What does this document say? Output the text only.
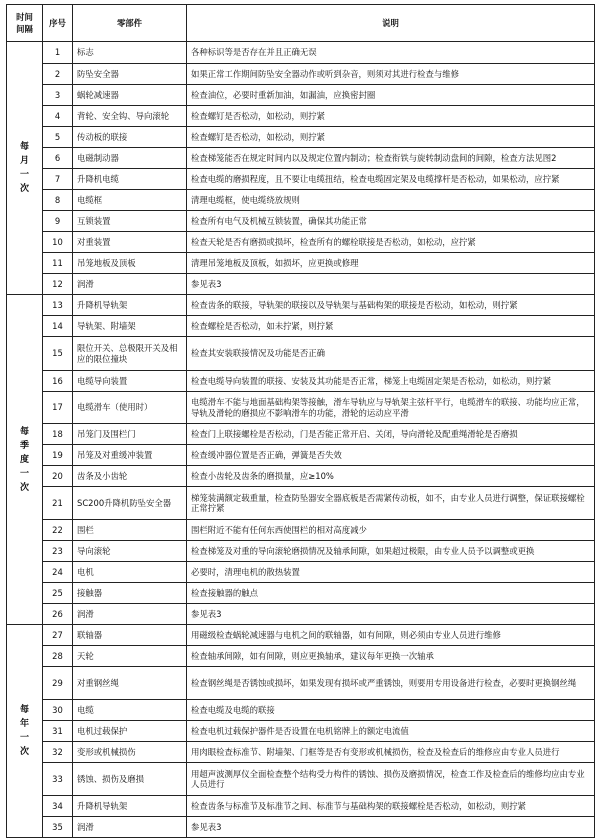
时间间隔	序号	零部件	说明

每月一次	1	标志	各种标识等是否存在并且正确无误
	2	防坠安全器	如果正常工作期间防坠安全器动作或听到杂音，则须对其进行检查与维修
	3	蜗轮减速器	检查油位，必要时重新加油，如漏油，应换密封圈
	4	背轮、安全钩、导向滚轮	检查螺钉是否松动，如松动，则拧紧
	5	传动板的联接	检查螺钉是否松动，如松动，则拧紧
	6	电磁制动器	检查梯笼能否在规定时间内以及规定位置内制动；检查衔铁与旋转制动盘间的间隙，检查方法见图2
	7	升降机电缆	检查电缆的磨损程度，且不要让电缆扭结，检查电缆固定架及电缆撑杆是否松动，如果松动，应拧紧
	8	电缆框	清理电缆框，使电缆绕放规则
	9	互锁装置	检查所有电气及机械互锁装置，确保其功能正常
	10	对重装置	检查天轮是否有磨损或损坏，检查所有的螺栓联接是否松动，如松动，应拧紧
	11	吊笼地板及顶板	清理吊笼地板及顶板，如损坏，应更换或修理
	12	润滑	参见表3

每季度一次	13	升降机导轨架	检查齿条的联接，导轨架的联接以及导轨架与基础构架的联接是否松动，如松动，则拧紧
	14	导轨架、附墙架	检查螺栓是否松动，如未拧紧，则拧紧
	15	限位开关、总极限开关及相应的限位撞块	检查其安装联接情况及功能是否正确
	16	电缆导向装置	检查电缆导向装置的联接、安装及其功能是否正常，梯笼上电缆固定架是否松动，如松动，则拧紧
	17	电缆滑车（使用时）	电缆滑车不能与地面基础构架等接触，滑车导轨应与导轨架主弦杆平行，电缆滑车的联接、功能均应正常，导轨及滑轮的磨损应不影响滑车的功能，滑轮的运动应平滑
	18	吊笼门及围栏门	检查门上联接螺栓是否松动，门是否能正常开启、关闭，导向滑轮及配重绳滑轮是否磨损
	19	吊笼及对重缓冲装置	检查缓冲器位置是否正确，弹簧是否失效
	20	齿条及小齿轮	检查小齿轮及齿条的磨损量，应≥10%
	21	SC200升降机防坠安全器	梯笼装满额定载重量，检查防坠器安全器底板是否需紧传动板，如不，由专业人员进行调整，保证联接螺栓正常拧紧
	22	围栏	围栏附近不能有任何东西使围栏的相对高度减少
	23	导向滚轮	检查梯笼及对重的导向滚轮磨损情况及轴承间隙，如果超过极限，由专业人员予以调整或更换
	24	电机	必要时，清理电机的散热装置
	25	接触器	检查接触器的触点
	26	润滑	参见表3

每年一次	27	联轴器	用磁级检查蜗轮减速器与电机之间的联轴器，如有间隙，则必须由专业人员进行维修
	28	天轮	检查轴承间隙，如有间隙，则应更换轴承，建议每年更换一次轴承
	29	对重钢丝绳	检查钢丝绳是否锈蚀或损坏，如果发现有损坏或严重锈蚀，则要用专用设备进行检查，必要时更换钢丝绳
	30	电缆	检查电缆及电缆的联接
	31	电机过载保护	检查电机过载保护器件是否设置在电机铭牌上的额定电流值
	32	变形或机械损伤	用肉眼检查标准节、附墙架、门框等是否有变形或机械损伤，检查及检查后的维修应由专业人员进行
	33	锈蚀、损伤及磨损	用超声波测厚仪全面检查整个结构受力构件的锈蚀、损伤及磨损情况，检查工作及检查后的维修均应由专业人员进行
	34	升降机导轨架	检查齿条与标准节及标准节之间、标准节与基础构架的联接螺栓是否松动，如松动，则拧紧
	35	润滑	参见表3
